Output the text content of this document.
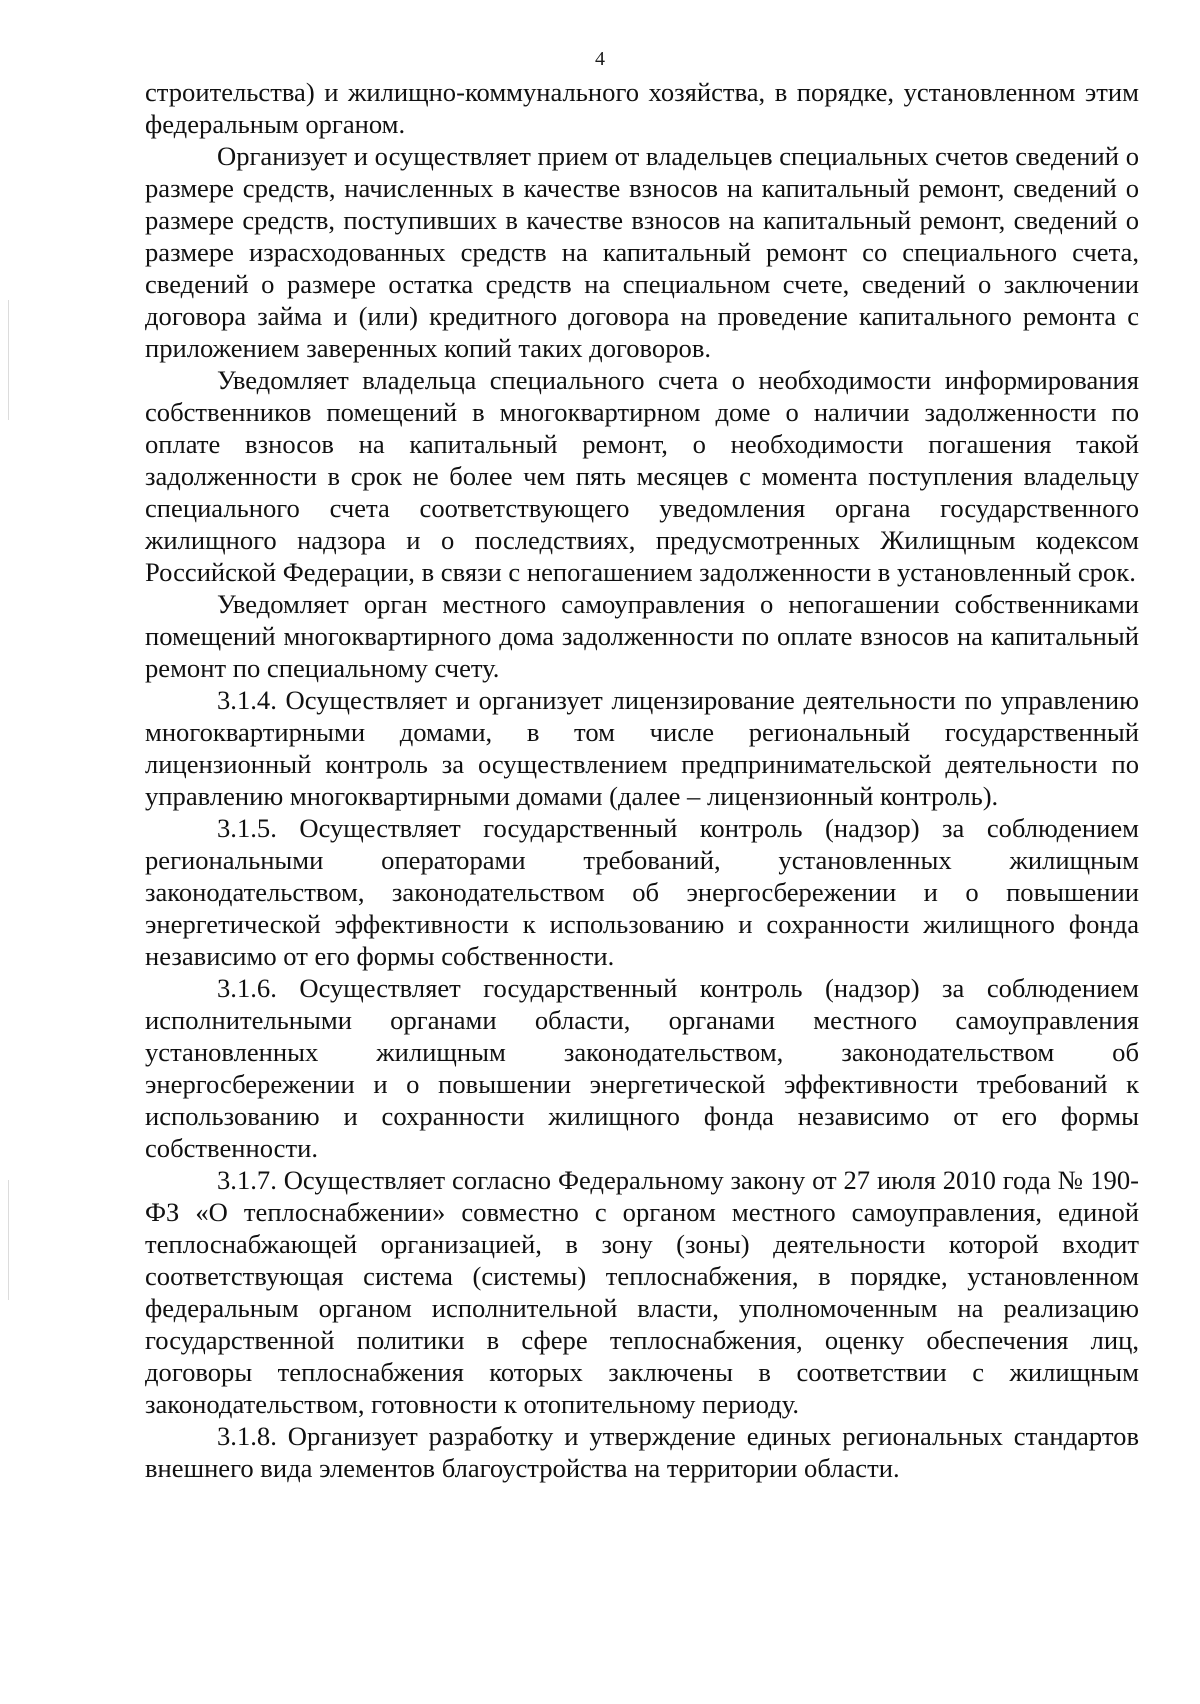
4

строительства) и жилищно-коммунального хозяйства, в порядке, установленном этим федеральным органом.

Организует и осуществляет прием от владельцев специальных счетов сведений о размере средств, начисленных в качестве взносов на капитальный ремонт, сведений о размере средств, поступивших в качестве взносов на капитальный ремонт, сведений о размере израсходованных средств на капитальный ремонт со специального счета, сведений о размере остатка средств на специальном счете, сведений о заключении договора займа и (или) кредитного договора на проведение капитального ремонта с приложением заверенных копий таких договоров.

Уведомляет владельца специального счета о необходимости информирования собственников помещений в многоквартирном доме о наличии задолженности по оплате взносов на капитальный ремонт, о необходимости погашения такой задолженности в срок не более чем пять месяцев с момента поступления владельцу специального счета соответствующего уведомления органа государственного жилищного надзора и о последствиях, предусмотренных Жилищным кодексом Российской Федерации, в связи с непогашением задолженности в установленный срок.

Уведомляет орган местного самоуправления о непогашении собственниками помещений многоквартирного дома задолженности по оплате взносов на капитальный ремонт по специальному счету.

3.1.4. Осуществляет и организует лицензирование деятельности по управлению многоквартирными домами, в том числе региональный государственный лицензионный контроль за осуществлением предпринимательской деятельности по управлению многоквартирными домами (далее – лицензионный контроль).

3.1.5. Осуществляет государственный контроль (надзор) за соблюдением региональными операторами требований, установленных жилищным законодательством, законодательством об энергосбережении и о повышении энергетической эффективности к использованию и сохранности жилищного фонда независимо от его формы собственности.

3.1.6. Осуществляет государственный контроль (надзор) за соблюдением исполнительными органами области, органами местного самоуправления установленных жилищным законодательством, законодательством об энергосбережении и о повышении энергетической эффективности требований к использованию и сохранности жилищного фонда независимо от его формы собственности.

3.1.7. Осуществляет согласно Федеральному закону от 27 июля 2010 года № 190-ФЗ «О теплоснабжении» совместно с органом местного самоуправления, единой теплоснабжающей организацией, в зону (зоны) деятельности которой входит соответствующая система (системы) теплоснабжения, в порядке, установленном федеральным органом исполнительной власти, уполномоченным на реализацию государственной политики в сфере теплоснабжения, оценку обеспечения лиц, договоры теплоснабжения которых заключены в соответствии с жилищным законодательством, готовности к отопительному периоду.

3.1.8. Организует разработку и утверждение единых региональных стандартов внешнего вида элементов благоустройства на территории области.
